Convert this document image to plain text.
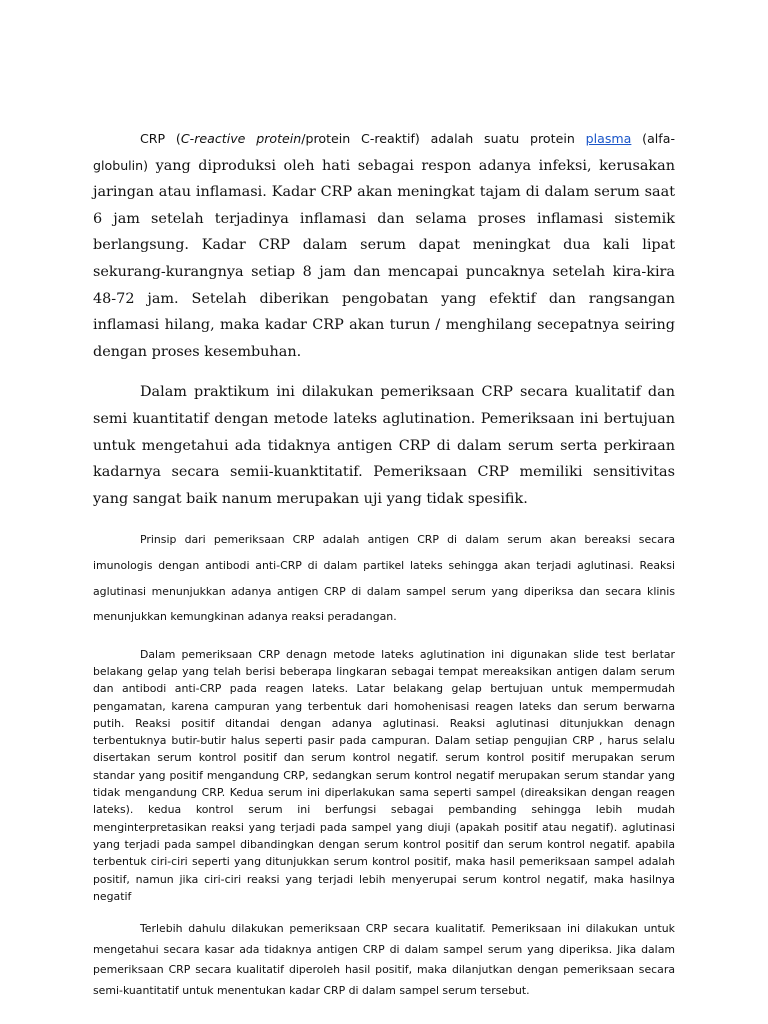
CRP (C-reactive protein/protein C-reaktif) adalah suatu protein plasma (alfa-globulin) yang diproduksi oleh hati sebagai respon adanya infeksi, kerusakan jaringan atau inflamasi. Kadar CRP akan meningkat tajam di dalam serum saat 6 jam setelah terjadinya inflamasi dan selama proses inflamasi sistemik berlangsung. Kadar CRP dalam serum dapat meningkat dua kali lipat sekurang-kurangnya setiap 8 jam dan mencapai puncaknya setelah kira-kira 48-72 jam. Setelah diberikan pengobatan yang efektif dan rangsangan inflamasi hilang, maka kadar CRP akan turun / menghilang secepatnya seiring dengan proses kesembuhan.

Dalam praktikum ini dilakukan pemeriksaan CRP secara kualitatif dan semi kuantitatif dengan metode lateks aglutination. Pemeriksaan ini bertujuan untuk mengetahui ada tidaknya antigen CRP di dalam serum serta perkiraan kadarnya secara semii-kuanktitatif. Pemeriksaan CRP memiliki sensitivitas yang sangat baik nanum merupakan uji yang tidak spesifik.

Prinsip dari pemeriksaan CRP adalah antigen CRP di dalam serum akan bereaksi secara imunologis dengan antibodi anti-CRP di dalam partikel lateks sehingga akan terjadi aglutinasi. Reaksi aglutinasi menunjukkan adanya antigen CRP di dalam sampel serum yang diperiksa dan secara klinis menunjukkan kemungkinan adanya reaksi peradangan.

Dalam pemeriksaan CRP denagn metode lateks aglutination ini digunakan slide test berlatar belakang gelap yang telah berisi beberapa lingkaran sebagai tempat mereaksikan antigen dalam serum dan antibodi anti-CRP pada reagen lateks. Latar belakang gelap bertujuan untuk mempermudah pengamatan, karena campuran yang terbentuk dari homohenisasi reagen lateks dan serum berwarna putih. Reaksi positif ditandai dengan adanya aglutinasi. Reaksi aglutinasi ditunjukkan denagn terbentuknya butir-butir halus seperti pasir pada campuran. Dalam setiap pengujian CRP , harus selalu disertakan serum kontrol positif dan serum kontrol negatif. serum kontrol positif merupakan serum standar yang positif mengandung CRP, sedangkan serum kontrol negatif merupakan serum standar yang tidak mengandung CRP. Kedua serum ini diperlakukan sama seperti sampel (direaksikan dengan reagen lateks). kedua kontrol serum ini berfungsi sebagai pembanding sehingga lebih mudah menginterpretasikan reaksi yang terjadi pada sampel yang diuji (apakah positif atau negatif). aglutinasi yang terjadi pada sampel dibandingkan dengan serum kontrol positif dan serum kontrol negatif. apabila terbentuk ciri-ciri seperti yang ditunjukkan serum kontrol positif, maka hasil pemeriksaan sampel adalah positif, namun jika ciri-ciri reaksi yang terjadi lebih menyerupai serum kontrol negatif, maka hasilnya negatif

Terlebih dahulu dilakukan pemeriksaan CRP secara kualitatif. Pemeriksaan ini dilakukan untuk mengetahui secara kasar ada tidaknya antigen CRP di dalam sampel serum yang diperiksa. Jika dalam pemeriksaan CRP secara kualitatif diperoleh hasil positif, maka dilanjutkan dengan pemeriksaan secara semi-kuantitatif untuk menentukan kadar CRP di dalam sampel serum tersebut.
